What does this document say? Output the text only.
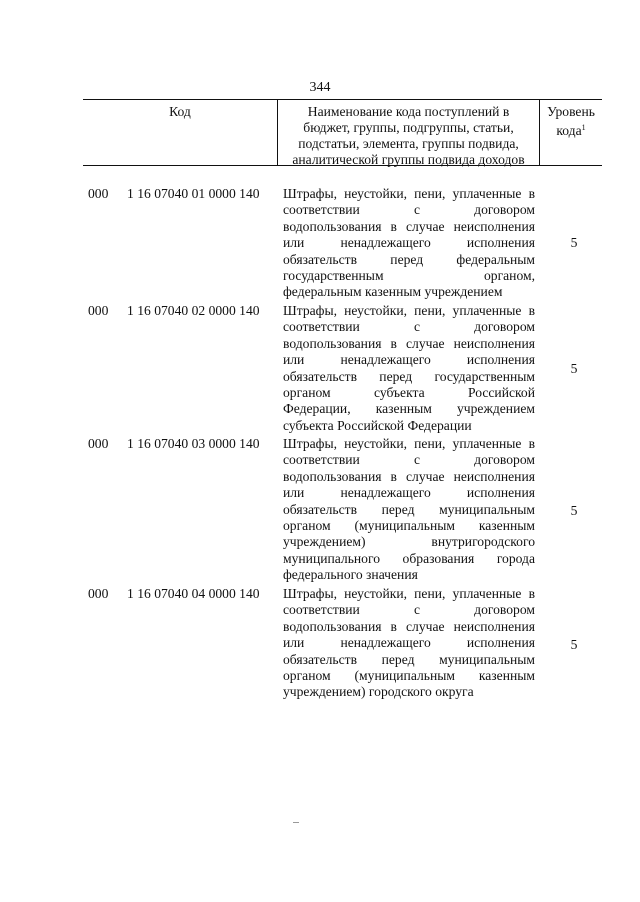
344
Код	Наименование кода поступлений в
бюджет, группы, подгруппы, статьи,
подстатьи, элемента, группы подвида,
аналитической группы подвида доходов
Уровень
кода$^1$
000 1 16 07040 01 0000 140 Штрафы, неустойки, пени, уплаченные в
соответствии с договором
водопользования в случае неисполнения
или ненадлежащего исполнения
обязательств перед федеральным
государственным органом,
федеральным казенным учреждением
5
000 1 16 07040 02 0000 140 Штрафы, неустойки, пени, уплаченные в
соответствии с договором
водопользования в случае неисполнения
или ненадлежащего исполнения
обязательств перед государственным
органом субъекта Российской
Федерации, казенным учреждением
субъекта Российской Федерации
5
000 1 16 07040 03 0000 140 Штрафы, неустойки, пени, уплаченные в
соответствии с договором
водопользования в случае неисполнения
или ненадлежащего исполнения
обязательств перед муниципальным
органом (муниципальным казенным
учреждением) внутригородского
муниципального образования города
федерального значения
5
000 1 16 07040 04 0000 140 Штрафы, неустойки, пени, уплаченные в
соответствии с договором
водопользования в случае неисполнения
или ненадлежащего исполнения
обязательств перед муниципальным
органом (муниципальным казенным
учреждением) городского округа
5
